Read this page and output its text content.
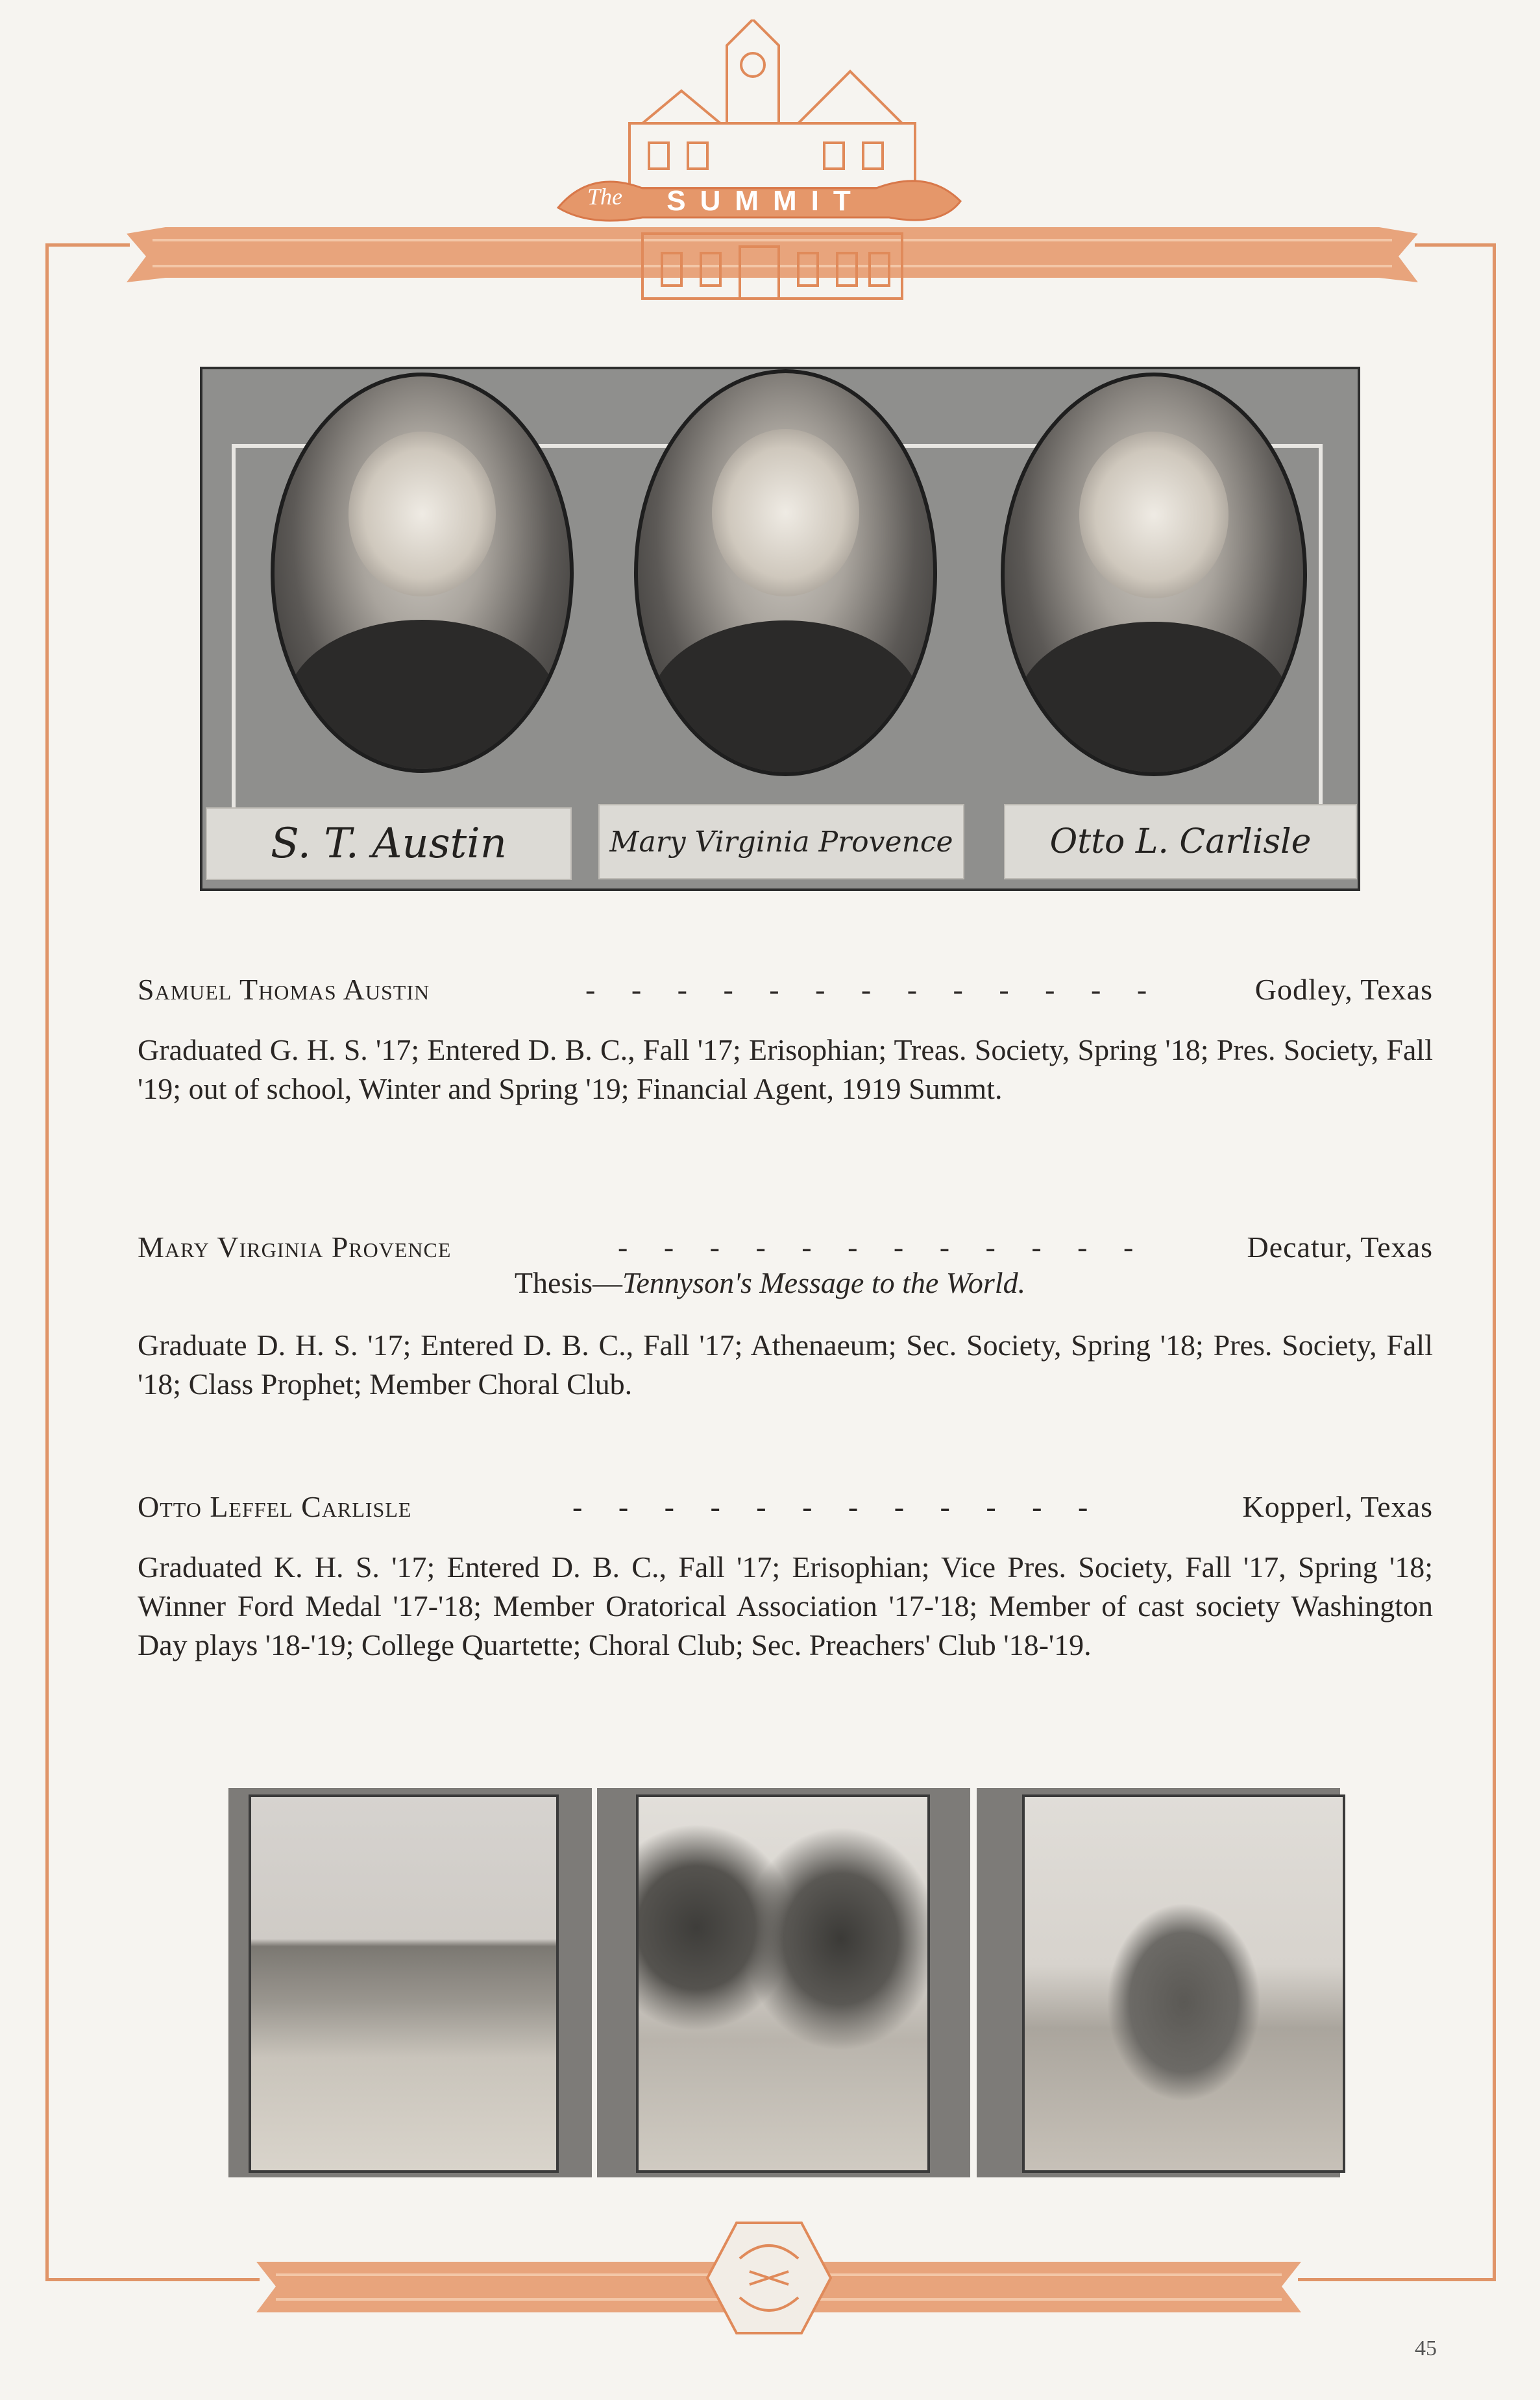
The	SUMMIT
S. T. Austin	Mary Virginia Provence	Otto L. Carlisle
Samuel Thomas Austin	- - - - - - - - - - - - -	Godley, Texas
Graduated G. H. S. '17; Entered D. B. C., Fall '17; Erisophian; Treas. Society, Spring '18; Pres. Society, Fall '19; out of school, Winter and Spring '19; Financial Agent, 1919 Summt.
Mary Virginia Provence	- - - - - - - - - - - -	Decatur, Texas
Thesis—Tennyson's Message to the World.
Graduate D. H. S. '17; Entered D. B. C., Fall '17; Athenaeum; Sec. Society, Spring '18; Pres. Society, Fall '18; Class Prophet; Member Choral Club.
Otto Leffel Carlisle	- - - - - - - - - - - -	Kopperl, Texas
Graduated K. H. S. '17; Entered D. B. C., Fall '17; Erisophian; Vice Pres. Society, Fall '17, Spring '18; Winner Ford Medal '17-'18; Member Oratorical Association '17-'18; Member of cast society Washington Day plays '18-'19; College Quartette; Choral Club; Sec. Preachers' Club '18-'19.
45
